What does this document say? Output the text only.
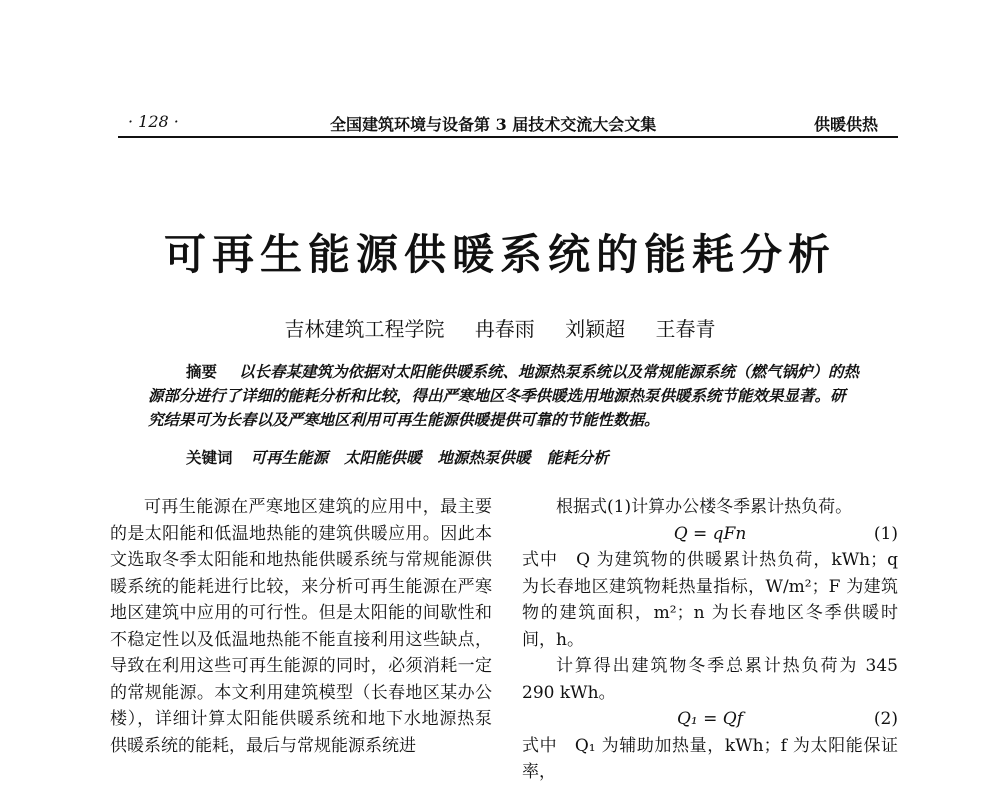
· 128 ·	全国建筑环境与设备第 3 届技术交流大会文集	供暖供热
可再生能源供暖系统的能耗分析
吉林建筑工程学院 冉春雨 刘颖超 王春青
摘要 以长春某建筑为依据对太阳能供暖系统、地源热泵系统以及常规能源系统（燃气锅炉）的热源部分进行了详细的能耗分析和比较，得出严寒地区冬季供暖选用地源热泵供暖系统节能效果显著。研究结果可为长春以及严寒地区利用可再生能源供暖提供可靠的节能性数据。
关键词 可再生能源 太阳能供暖 地源热泵供暖 能耗分析
可再生能源在严寒地区建筑的应用中，最主要的是太阳能和低温地热能的建筑供暖应用。因此本文选取冬季太阳能和地热能供暖系统与常规能源供暖系统的能耗进行比较，来分析可再生能源在严寒地区建筑中应用的可行性。但是太阳能的间歇性和不稳定性以及低温地热能不能直接利用这些缺点，导致在利用这些可再生能源的同时，必须消耗一定的常规能源。本文利用建筑模型（长春地区某办公楼），详细计算太阳能供暖系统和地下水地源热泵供暖系统的能耗，最后与常规能源系统进

根据式(1)计算办公楼冬季累计热负荷。

Q = qFn	(1)

式中　Q 为建筑物的供暖累计热负荷，kWh；q 为长春地区建筑物耗热量指标，W/m²；F 为建筑物的建筑面积，m²；n 为长春地区冬季供暖时间，h。

计算得出建筑物冬季总累计热负荷为 345 290 kWh。

Q₁ = Qf	(2)

式中　Q₁ 为辅助加热量，kWh；f 为太阳能保证率，
